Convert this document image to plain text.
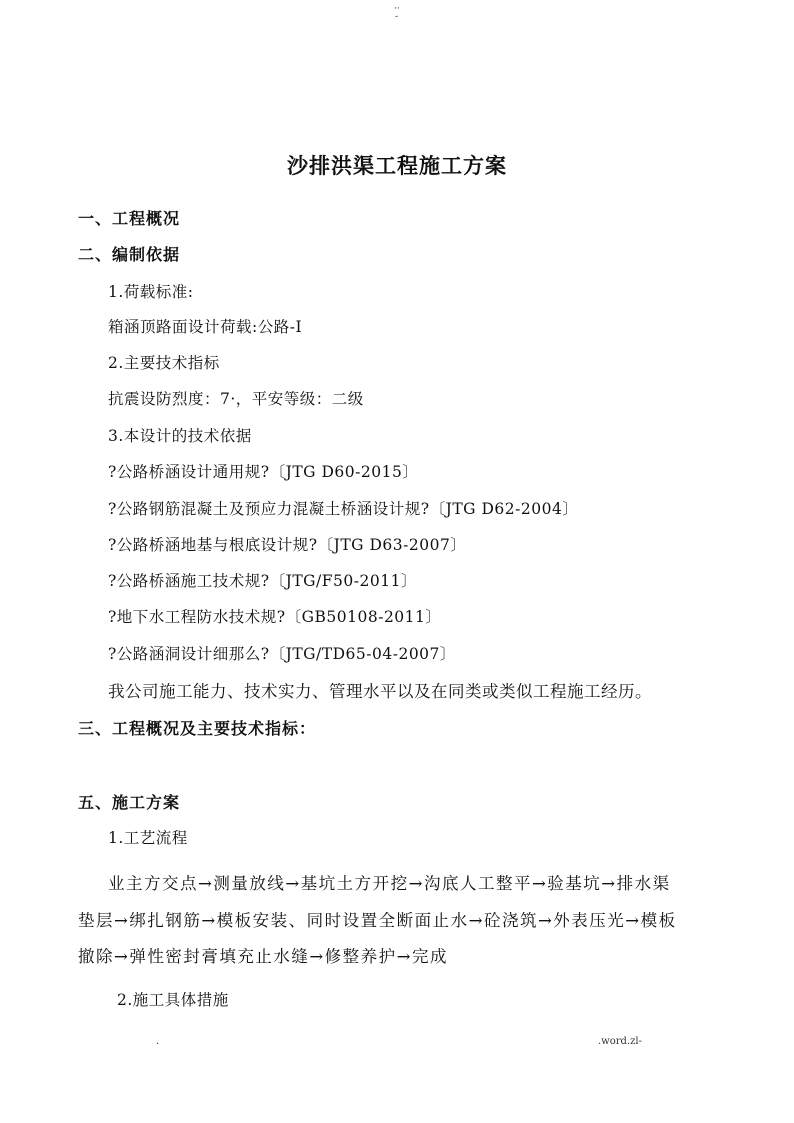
··
-
沙排洪渠工程施工方案
一、工程概况
二、编制依据
1.荷载标准:
箱涵顶路面设计荷载:公路-Ⅰ
2.主要技术指标
抗震设防烈度：7·，平安等级：二级
3.本设计的技术依据
?公路桥涵设计通用规?〔JTG D60-2015〕
?公路钢筋混凝土及预应力混凝土桥涵设计规?〔JTG D62-2004〕
?公路桥涵地基与根底设计规?〔JTG D63-2007〕
?公路桥涵施工技术规?〔JTG/F50-2011〕
?地下水工程防水技术规?〔GB50108-2011〕
?公路涵洞设计细那么?〔JTG/TD65-04-2007〕
我公司施工能力、技术实力、管理水平以及在同类或类似工程施工经历。
三、工程概况及主要技术指标：
五、施工方案
1.工艺流程
业主方交点→测量放线→基坑土方开挖→沟底人工整平→验基坑→排水渠
垫层→绑扎钢筋→模板安装、同时设置全断面止水→砼浇筑→外表压光→模板
撤除→弹性密封膏填充止水缝→修整养护→完成
2.施工具体措施
.	.word.zl-
